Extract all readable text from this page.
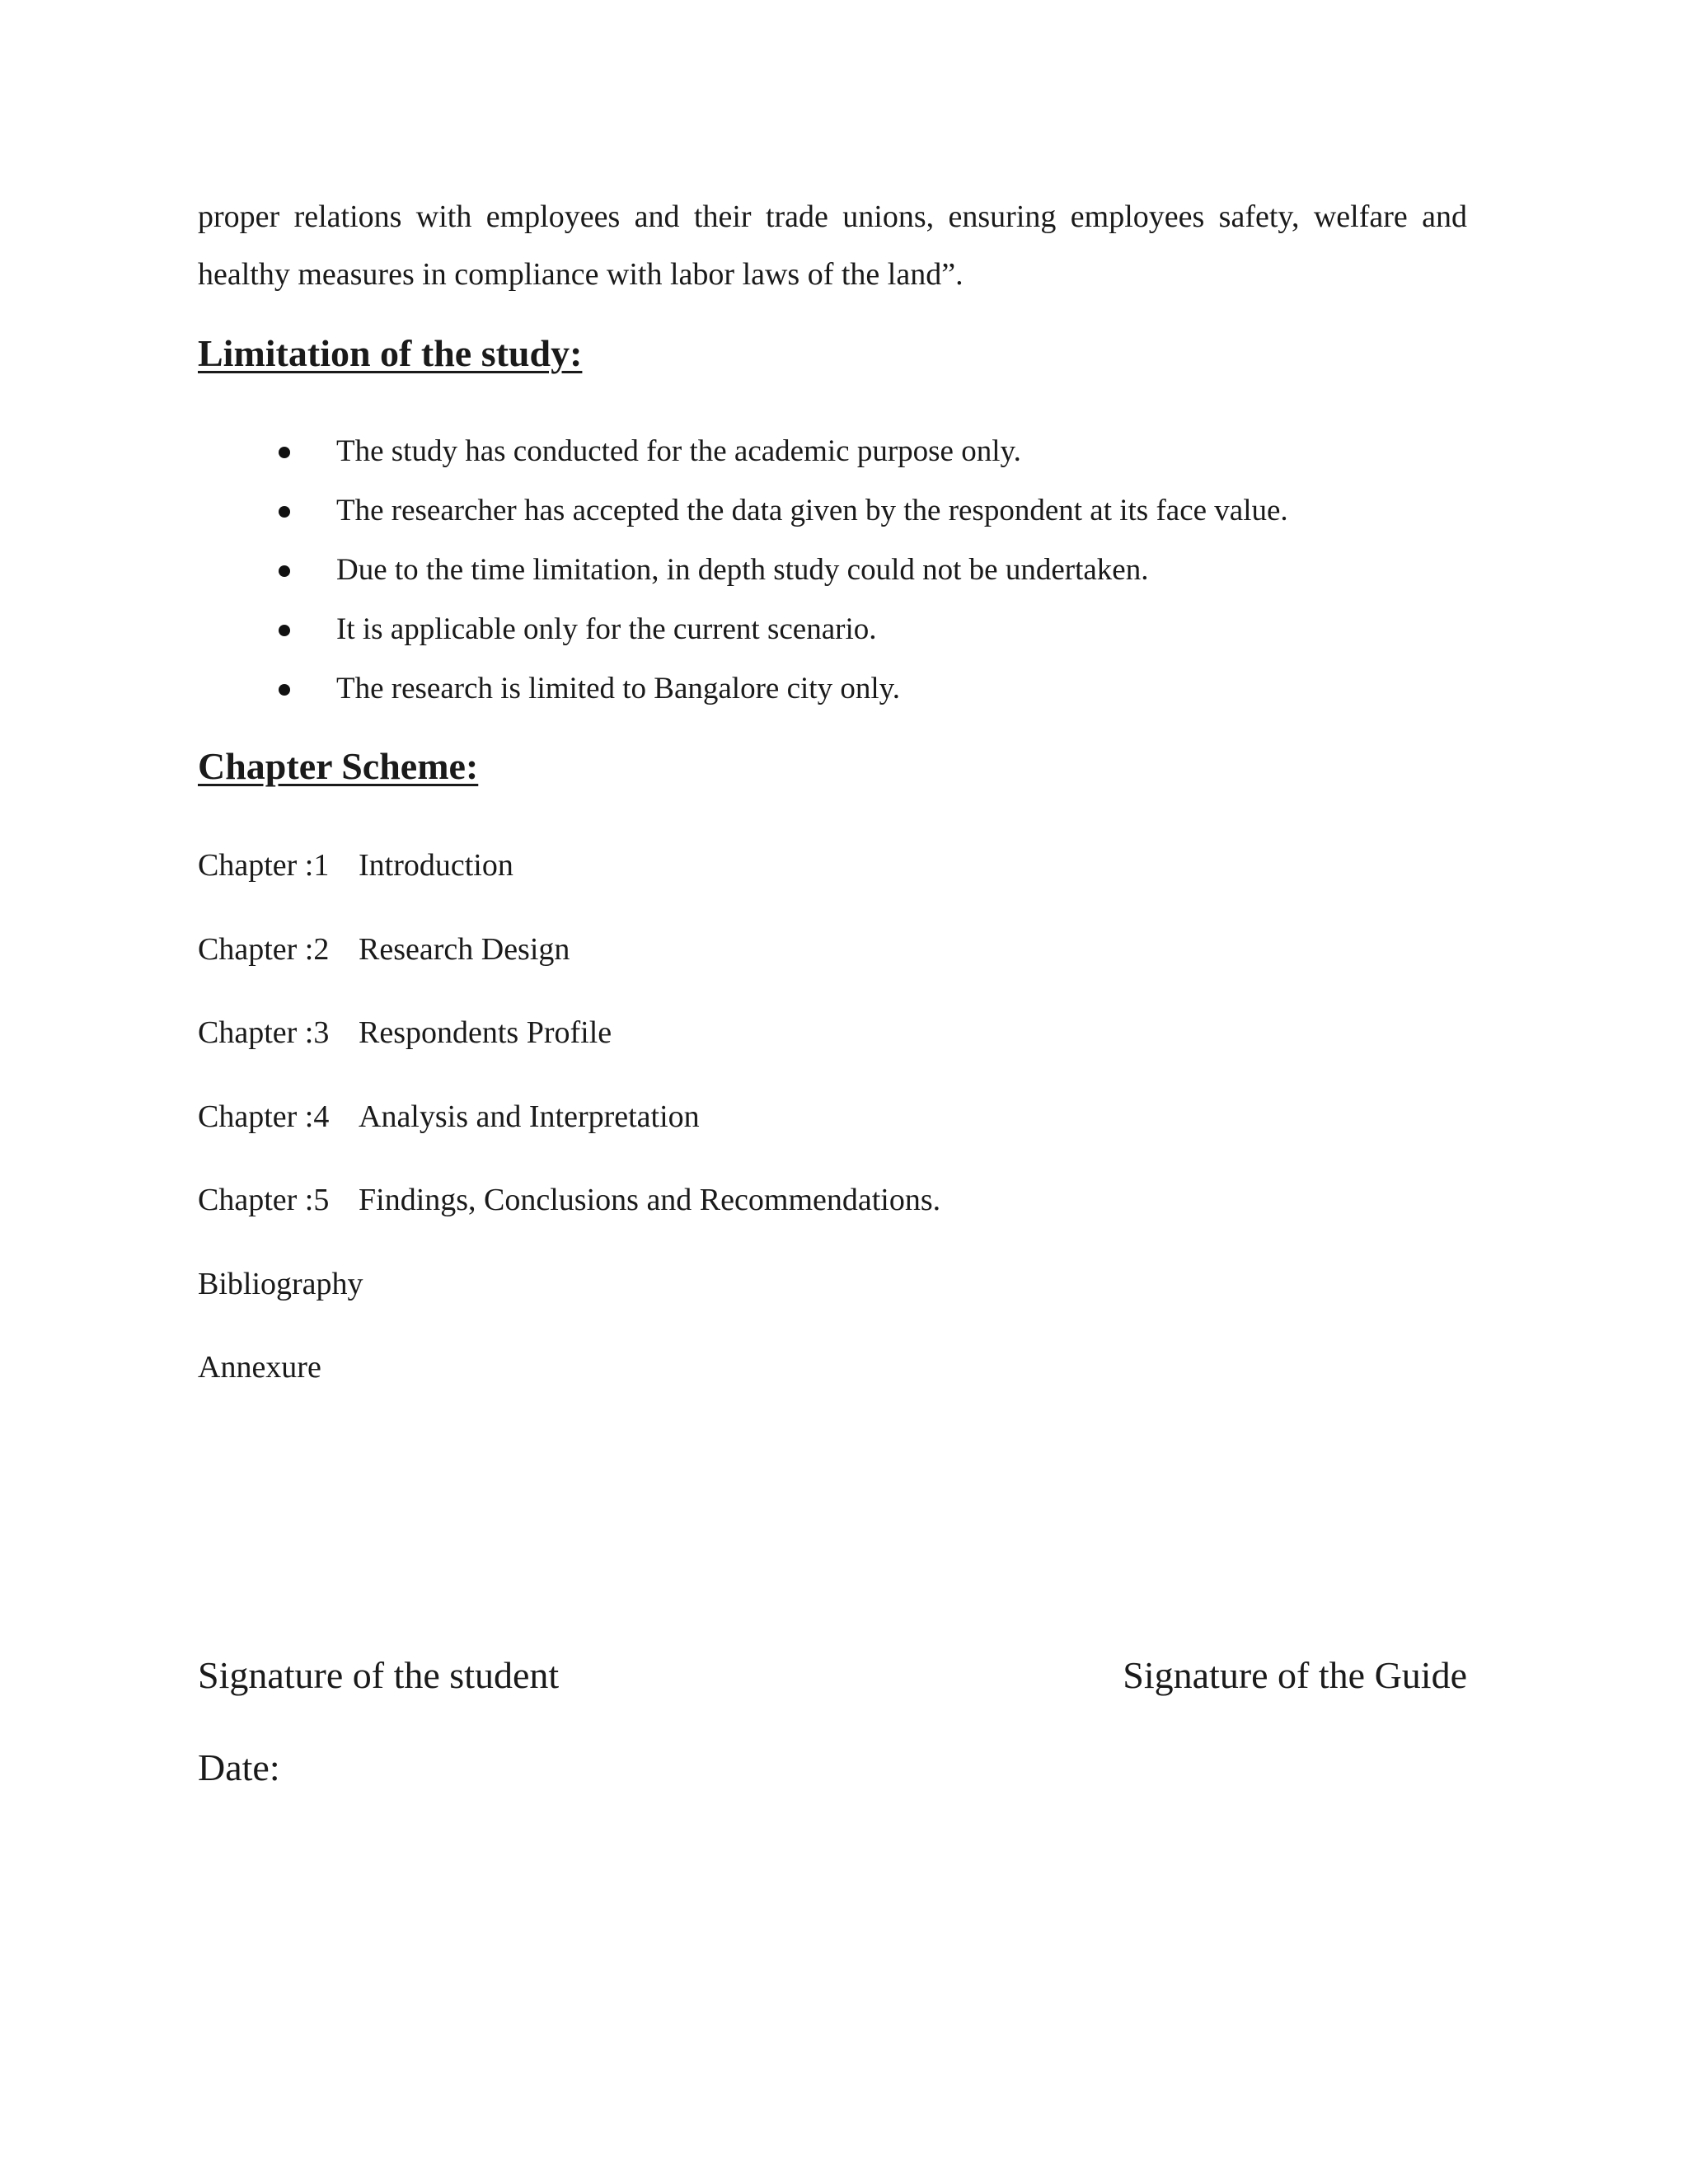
proper relations with employees and their trade unions, ensuring employees safety, welfare and
healthy measures in compliance with labor laws of the land”.

Limitation of the study:
The study has conducted for the academic purpose only.
The researcher has accepted the data given by the respondent at its face value.
Due to the time limitation, in depth study could not be undertaken.
It is applicable only for the current scenario.
The research is limited to Bangalore city only.
Chapter Scheme:
Chapter :1 Introduction
Chapter :2 Research Design
Chapter :3 Respondents Profile
Chapter :4 Analysis and Interpretation
Chapter :5 Findings, Conclusions and Recommendations.
Bibliography
Annexure
Signature of the student	Signature of the Guide
Date:
